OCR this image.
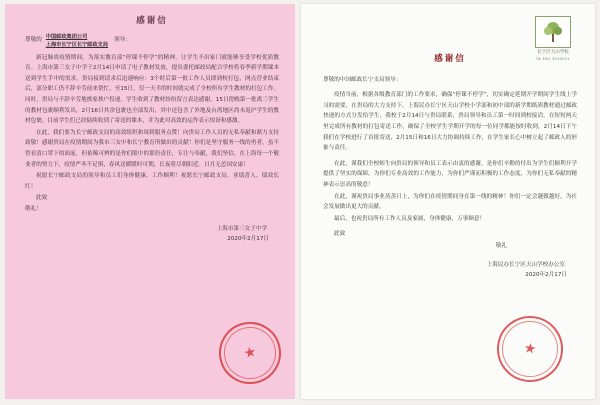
感谢信
尊敬的
中国邮政集团公司
上海市长宁区长宁邮政支局
领导：

新冠肺炎疫情期间，为落实教育部“停课不停学”的精神，让学生不出家门就能够享受学校优质教育。上海市第三女子中学于2月14日申请了电子教材发放，提出委托邮政局配合学校将春季新学期课本送到学生手中的需求，贵局接到请求后迅速响应：3个时后第一批工作人员即到校打包，网点营业结束后，部分职工仍不辞辛劳前来帮忙，至15日，仅一天半的时间就完成了全校所有学生教材的打包工作。同时，贵局与不辞辛劳地挨家挨户投递，学生收到了教材纷纷留言表达感谢。15日傍晚第一批离三学生的教材包裹顺利发出，2月16日其余包裹也全部发出，其中还包含了外地及台湾地区尚未返沪学生的教材包裹。目前学生们已经陆续收到了寄送的课本，并为此对高效的运作表示惊讶和感激。

在此，我们要为长宁邮政支局的高效组织和周到服务点赞！向贵局工作人员的无私奉献和鼎力支持致敬！感谢贵局在疫情期间为我市三女中和长宁教育所做出的贡献！你们是坚守服务一线的勇者，虽不曾看清口罩下的面庞，但依稀可辨的是你们眼中的那份责任，专注与奉献，我们坚信，在上海每一个敬业者的努力下，疫情严冬不足惧，春风送暖暖时可期，长夜将尽朝阳近。日月无恙国安康！

祝愿长宁邮政支局的领导和员工们身体健康，工作顺利！祝愿长宁邮政支局，业绩喜人，绩效长红！

此致

敬礼！

上海市第三女子中学
2020年2月17日
★
长宁区天山学校
TA FAO SCHOOL
感谢信

尊敬的中国邮政长宁支局领导：

疫情当前，根据各级教育部门的工作要求，确保“停课不停学”，切实确定延期开学期间学生线上学习的需要，在贵局的大力支持下，上海民办长宁区天山学校小学部和初中部的新学期纸质教材通过邮政快递的方式分发给学生，我校于2月14日与贵局联系，贵局领导和员工第一时间到校接洽，在短短两天里完成所有教材的打包寄送工作，确保了全校学生学期开学的每一位同学都能按时收到，2月14日下午我们在学校进行了首批寄送，2月15日和16日大力协调持续工作，在学生家长心中树立起了邮政人的形象与责任。

在此，谨我们全校师生向贵局的领导和员工表示由衷的感谢，是你们辛勤的付出为学生们顺利开学提供了坚实的保障。为你们专业高效的工作能力，为你们严谨而积极的工作态度，为你们无私奉献的精神表示崇高的敬意！

在此，谨祝贵局事业蒸蒸日上，为你们在疫情期间身在第一线的精神！你们一定会越做越好，为社会发展做出更大的贡献。

最后，也祝贵局所有工作人员及家属，身体健康，万事顺意！

此致

敬礼
上海民办长宁区天山学校办公室
2020年2月17日
★
